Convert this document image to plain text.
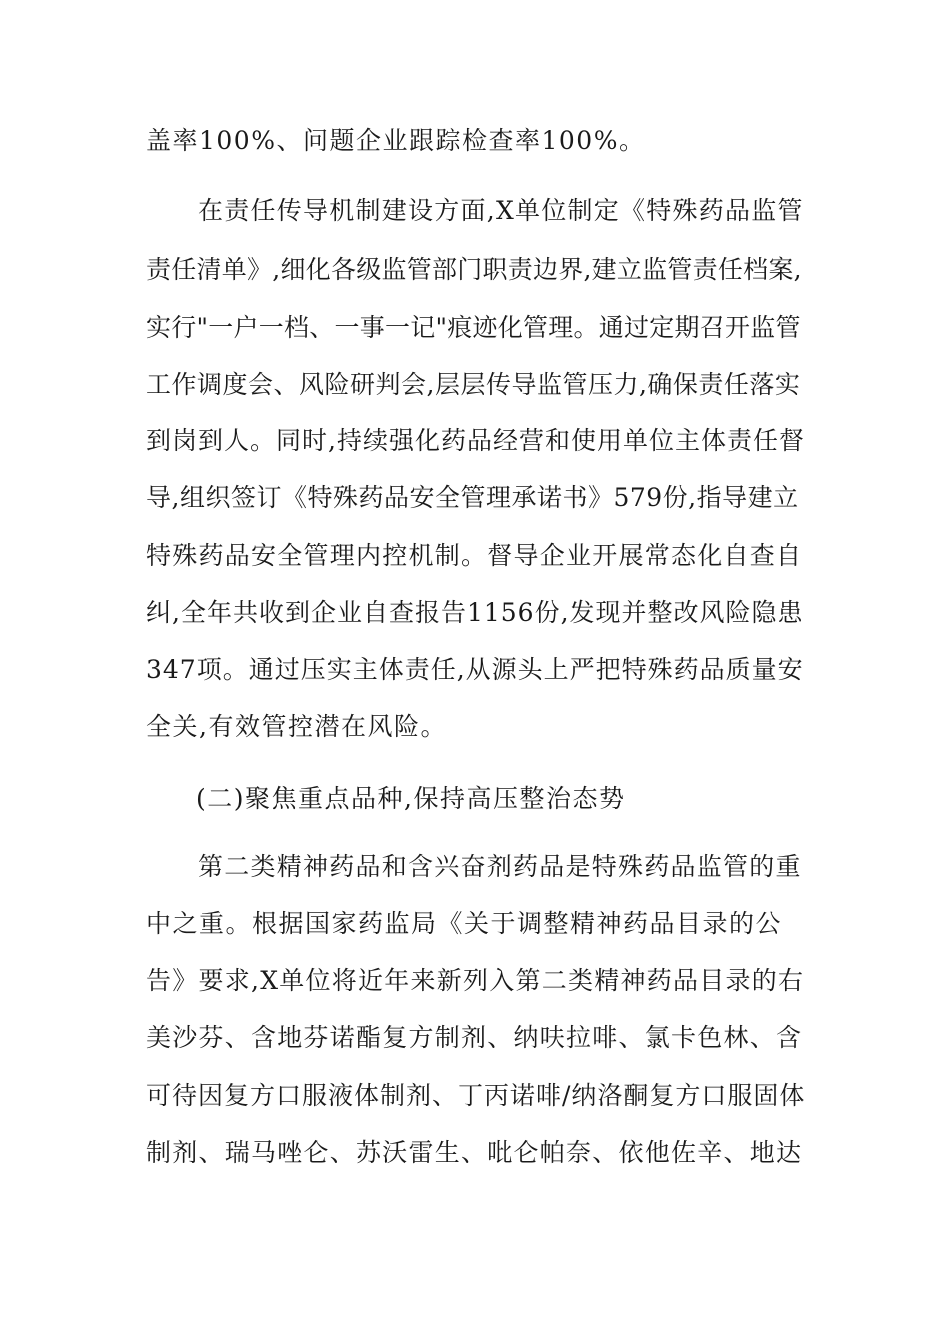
盖率100%、问题企业跟踪检查率100%。
在责任传导机制建设方面,X单位制定《特殊药品监管
责任清单》,细化各级监管部门职责边界,建立监管责任档案,
实行"一户一档、一事一记"痕迹化管理。通过定期召开监管
工作调度会、风险研判会,层层传导监管压力,确保责任落实
到岗到人。同时,持续强化药品经营和使用单位主体责任督
导,组织签订《特殊药品安全管理承诺书》579份,指导建立
特殊药品安全管理内控机制。督导企业开展常态化自查自
纠,全年共收到企业自查报告1156份,发现并整改风险隐患
347项。通过压实主体责任,从源头上严把特殊药品质量安
全关,有效管控潜在风险。
(二)聚焦重点品种,保持高压整治态势
第二类精神药品和含兴奋剂药品是特殊药品监管的重
中之重。根据国家药监局《关于调整精神药品目录的公
告》要求,X单位将近年来新列入第二类精神药品目录的右
美沙芬、含地芬诺酯复方制剂、纳呋拉啡、氯卡色林、含
可待因复方口服液体制剂、丁丙诺啡/纳洛酮复方口服固体
制剂、瑞马唑仑、苏沃雷生、吡仑帕奈、依他佐辛、地达
